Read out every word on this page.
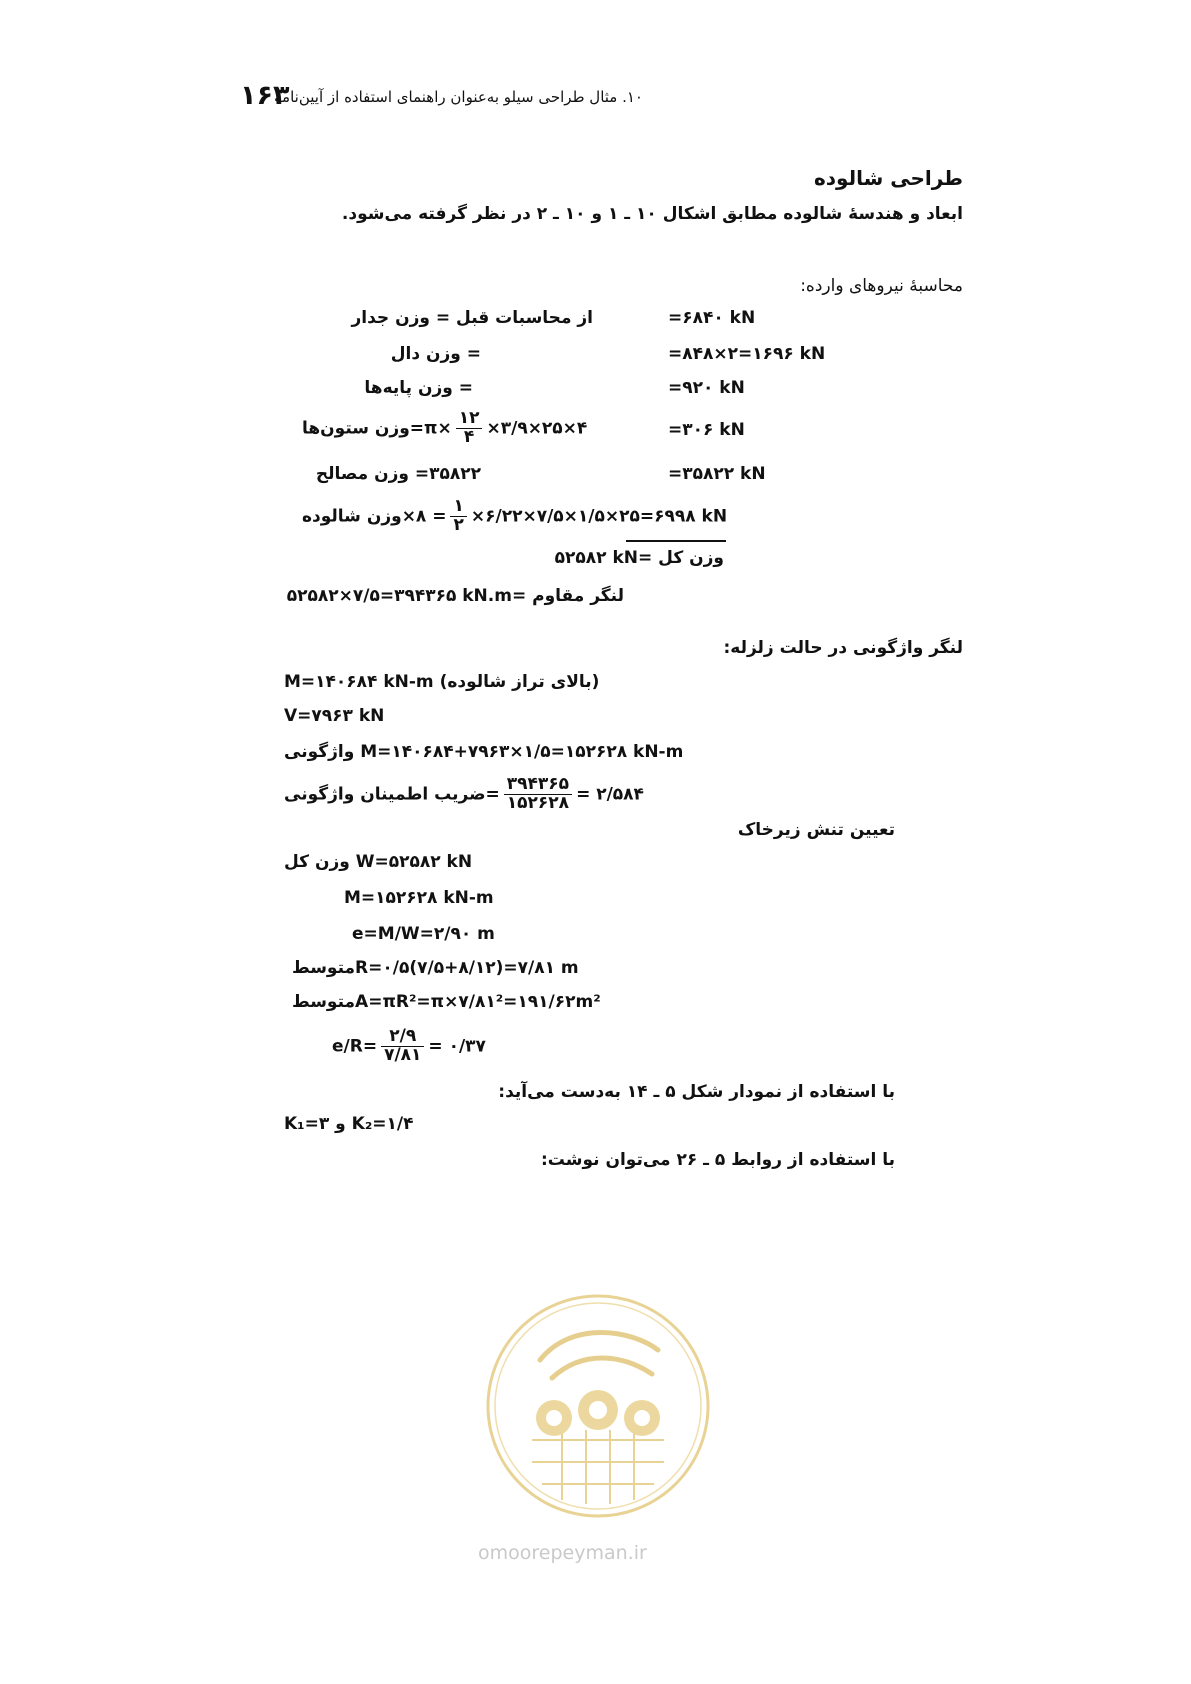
۱۰. مثال طراحی سیلو به‌عنوان راهنمای استفاده از آیین‌نامه
۱۶۳
طراحی شالوده
ابعاد و هندسۀ شالوده مطابق اشکال ۱۰ ـ ۱ و ۱۰ ـ ۲ در نظر گرفته می‌شود.
محاسبۀ نیروهای وارده:
از محاسبات قبل = وزن جدار	=۶۸۴۰ kN
= وزن دال	=۸۴۸×۲=۱۶۹۶ kN
= وزن پایه‌ها	=۹۲۰ kN
وزن ستون‌ها=π× $\frac{۱۲}{۴}$ ×۳/۹×۲۵×۴	=۳۰۶ kN
۳۵۸۲۲= وزن مصالح	=۳۵۸۲۲ kN
وزن شالوده×۸ = $\frac{۱}{۲}$ ×۶/۲۲×۷/۵×۱/۵×۲۵=۶۹۹۸ kN
۵۲۵۸۲ kN= وزن کل
۵۲۵۸۲×۷/۵=۳۹۴۳۶۵ kN.m= لنگر مقاوم
لنگر واژگونی در حالت زلزله:
M=۱۴۰۶۸۴ kN-m (بالای تراز شالوده)
V=۷۹۶۳ kN
واژگونی M=۱۴۰۶۸۴+۷۹۶۳×۱/۵=۱۵۲۶۲۸ kN-m
ضریب اطمینان واژگونی= $\frac{۳۹۴۳۶۵}{۱۵۲۶۲۸}$ = ۲/۵۸۴
تعیین تنش زیرخاک
وزن کل W=۵۲۵۸۲ kN
M=۱۵۲۶۲۸ kN-m
e=M/W=۲/۹۰ m
متوسطR=۰/۵(۷/۵+۸/۱۲)=۷/۸۱ m
متوسطA=πR²=π×۷/۸۱²=۱۹۱/۶۲m²
$e/R= \frac{۲/۹}{۷/۸۱}$ = ۰/۳۷
با استفاده از نمودار شکل ۵ ـ ۱۴ به‌دست می‌آید:
K₁=۳ و K₂=۱/۴
با استفاده از روابط ۵ ـ ۲۶ می‌توان نوشت:
omoorepeyman.ir
